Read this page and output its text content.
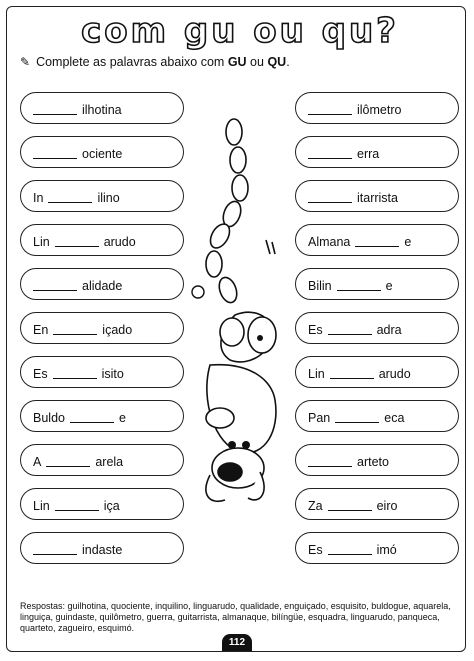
com gu ou qu?
✎ Complete as palavras abaixo com GU ou QU.
ilhotina
ociente
In	ilino
Lin	arudo
alidade
En	içado
Es	isito
Buldo	e
A	arela
Lin	iça
indaste
ilômetro
erra
itarrista
Almana	e
Bilin	e
Es	adra
Lin	arudo
Pan	eca
arteto
Za	eiro
Es	imó
Respostas: guilhotina, quociente, inquilino, linguarudo, qualidade, enguiçado, esquisito, buldogue, aquarela, linguiça, guindaste, quilômetro, guerra, guitarrista, almanaque, bilíngüe, esquadra, linguarudo, panqueca, quarteto, zagueiro, esquimó.
112
